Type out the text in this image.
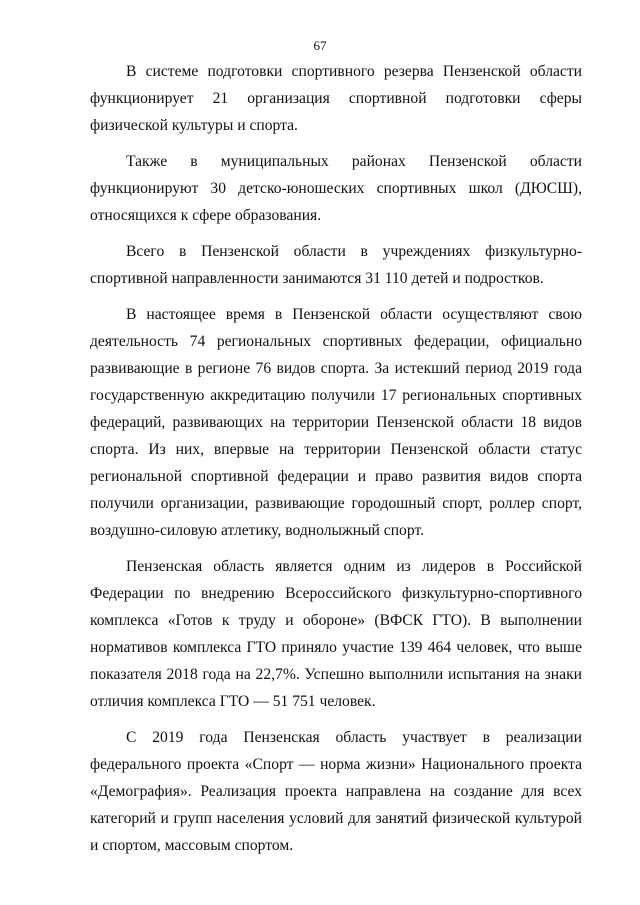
67

В системе подготовки спортивного резерва Пензенской области функционирует 21 организация спортивной подготовки сферы физической культуры и спорта.

Также в муниципальных районах Пензенской области функционируют 30 детско-юношеских спортивных школ (ДЮСШ), относящихся к сфере образования.

Всего в Пензенской области в учреждениях физкультурно-спортивной направленности занимаются 31 110 детей и подростков.

В настоящее время в Пензенской области осуществляют свою деятельность 74 региональных спортивных федерации, официально развивающие в регионе 76 видов спорта. За истекший период 2019 года государственную аккредитацию получили 17 региональных спортивных федераций, развивающих на территории Пензенской области 18 видов спорта. Из них, впервые на территории Пензенской области статус региональной спортивной федерации и право развития видов спорта получили организации, развивающие городошный спорт, роллер спорт, воздушно-силовую атлетику, воднолыжный спорт.

Пензенская область является одним из лидеров в Российской Федерации по внедрению Всероссийского физкультурно-спортивного комплекса «Готов к труду и обороне» (ВФСК ГТО). В выполнении нормативов комплекса ГТО приняло участие 139 464 человек, что выше показателя 2018 года на 22,7%. Успешно выполнили испытания на знаки отличия комплекса ГТО — 51 751 человек.

С 2019 года Пензенская область участвует в реализации федерального проекта «Спорт — норма жизни» Национального проекта «Демография». Реализация проекта направлена на создание для всех категорий и групп населения условий для занятий физической культурой и спортом, массовым спортом.
